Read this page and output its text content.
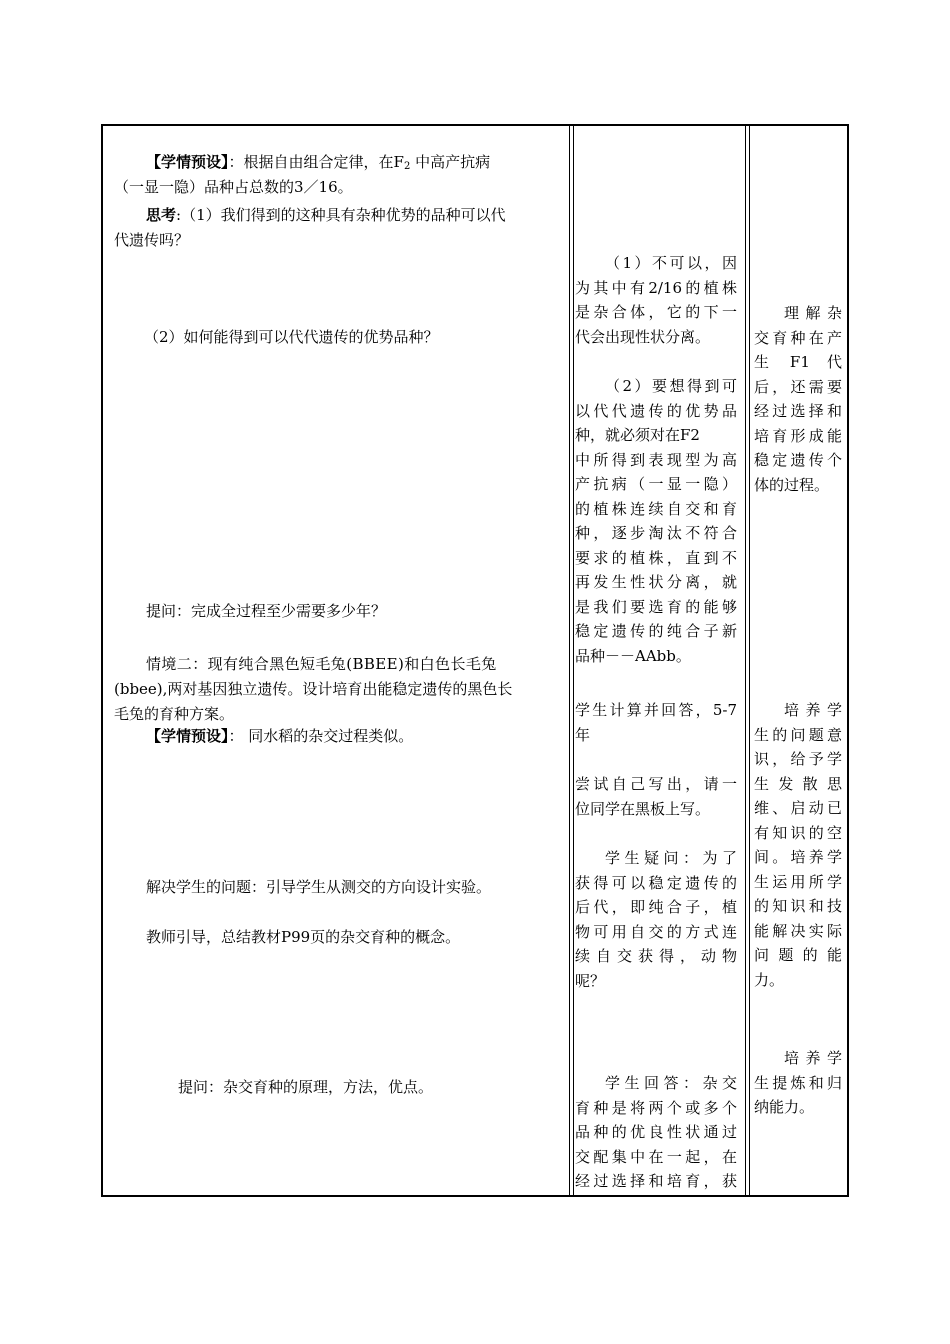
【学情预设】：根据自由组合定律，在$F_2$ 中高产抗病
（一显一隐）品种占总数的3／16。
思考:（1）我们得到的这种具有杂种优势的品种可以代
代遗传吗？
（2）如何能得到可以代代遗传的优势品种？
提问：完成全过程至少需要多少年？
情境二：现有纯合黑色短毛兔(BBEE)和白色长毛兔
(bbee),两对基因独立遗传。设计培育出能稳定遗传的黑色长
毛兔的育种方案。
【学情预设】： 同水稻的杂交过程类似。
解决学生的问题：引导学生从测交的方向设计实验。
教师引导，总结教材P99页的杂交育种的概念。
提问：杂交育种的原理，方法，优点。
（1）不可以，因
为其中有2/16的植株
是杂合体，它的下一
代会出现性状分离。
（2）要想得到可
以代代遗传的优势品
种，就必须对在F2
中所得到表现型为高
产抗病（一显一隐）
的植株连续自交和育
种，逐步淘汰不符合
要求的植株，直到不
再发生性状分离，就
是我们要选育的能够
稳定遗传的纯合子新
品种－－AAbb。
学生计算并回答，5-7
年
尝试自己写出，请一
位同学在黑板上写。
学生疑问：为了
获得可以稳定遗传的
后代，即纯合子，植
物可用自交的方式连
续自交获得，动物
呢？
学生回答：杂交
育种是将两个或多个
品种的优良性状通过
交配集中在一起，在
经过选择和培育，获
理解杂
交育种在产
生  F1  代
后，还需要
经过选择和
培育形成能
稳定遗传个
体的过程。
培养学
生的问题意
识，给予学
生 发 散 思
维、启动已
有知识的空
间。培养学
生运用所学
的知识和技
能解决实际
问 题 的 能
力。
培养学
生提炼和归
纳能力。
